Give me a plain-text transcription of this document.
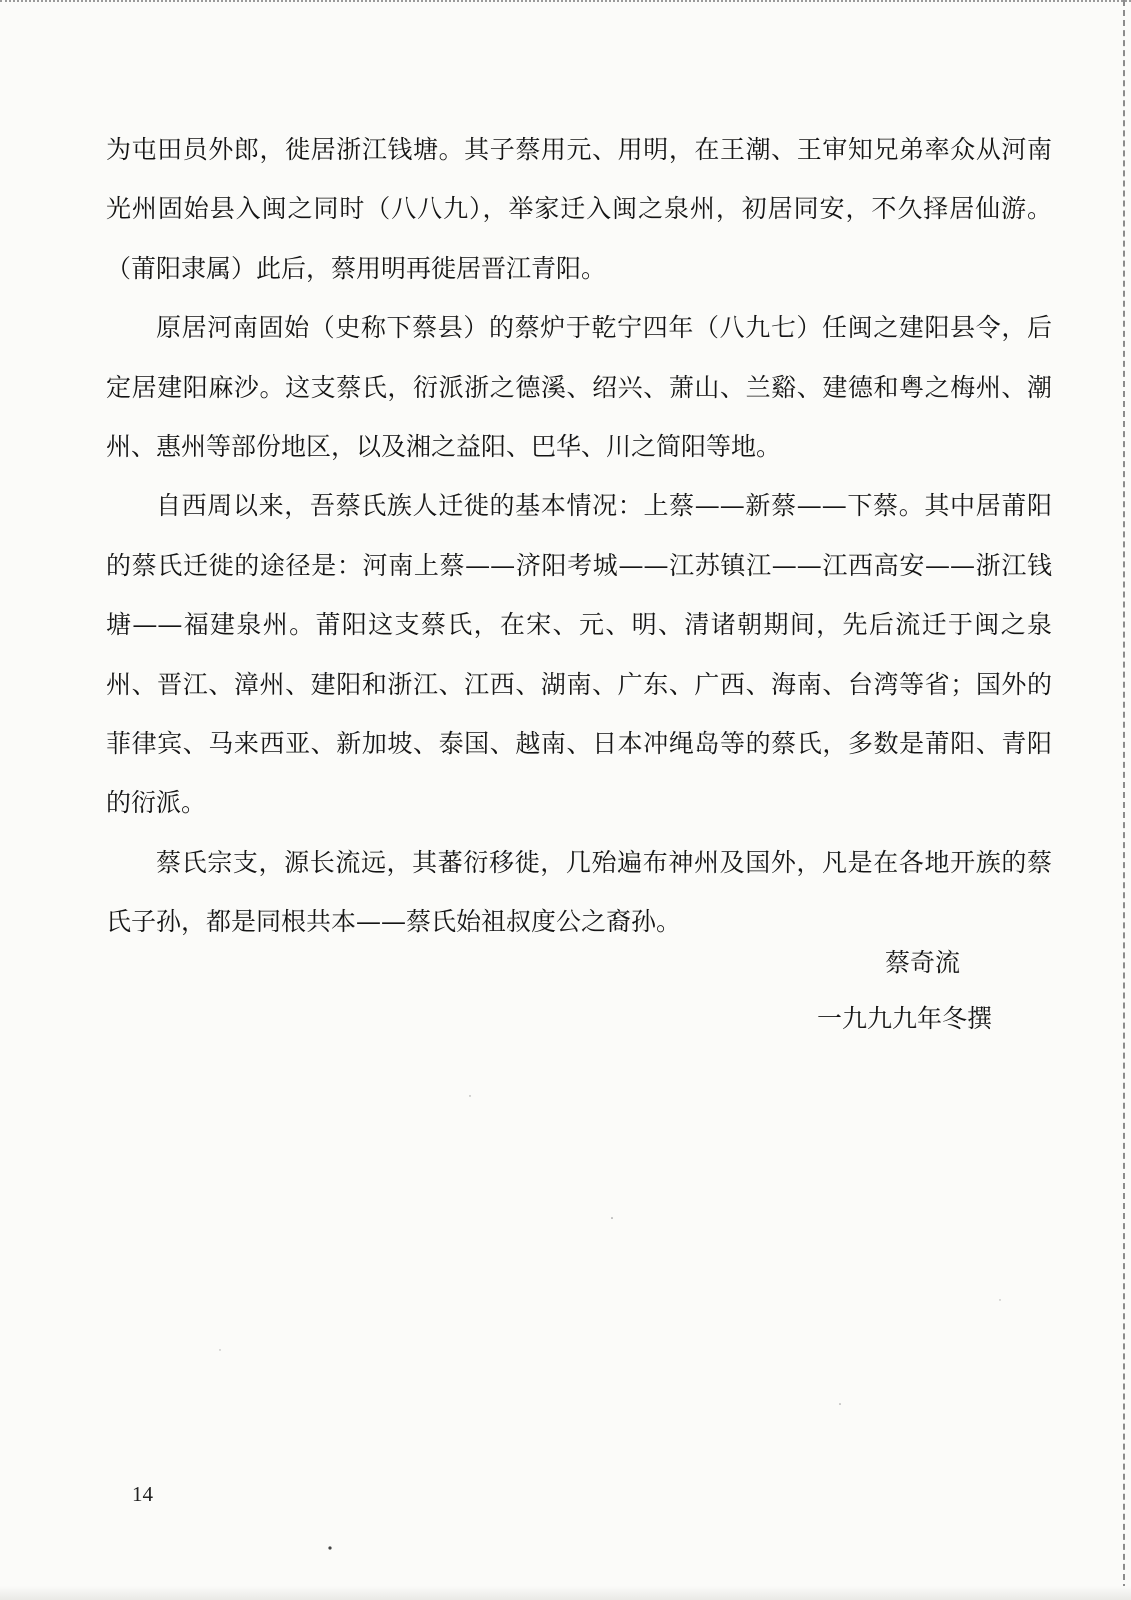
为屯田员外郎，徙居浙江钱塘。其子蔡用元、用明，在王潮、王审知兄弟率众从河南光州固始县入闽之同时（八八九），举家迁入闽之泉州，初居同安，不久择居仙游。（莆阳隶属）此后，蔡用明再徙居晋江青阳。

原居河南固始（史称下蔡县）的蔡炉于乾宁四年（八九七）任闽之建阳县令，后定居建阳麻沙。这支蔡氏，衍派浙之德溪、绍兴、萧山、兰谿、建德和粤之梅州、潮州、惠州等部份地区，以及湘之益阳、巴华、川之简阳等地。

自西周以来，吾蔡氏族人迁徙的基本情况：上蔡——新蔡——下蔡。其中居莆阳的蔡氏迁徙的途径是：河南上蔡——济阳考城——江苏镇江——江西高安——浙江钱塘——福建泉州。莆阳这支蔡氏，在宋、元、明、清诸朝期间，先后流迁于闽之泉州、晋江、漳州、建阳和浙江、江西、湖南、广东、广西、海南、台湾等省；国外的菲律宾、马来西亚、新加坡、泰国、越南、日本冲绳岛等的蔡氏，多数是莆阳、青阳的衍派。

蔡氏宗支，源长流远，其蕃衍移徙，几殆遍布神州及国外，凡是在各地开族的蔡氏子孙，都是同根共本——蔡氏始祖叔度公之裔孙。

蔡奇流
一九九九年冬撰
14
